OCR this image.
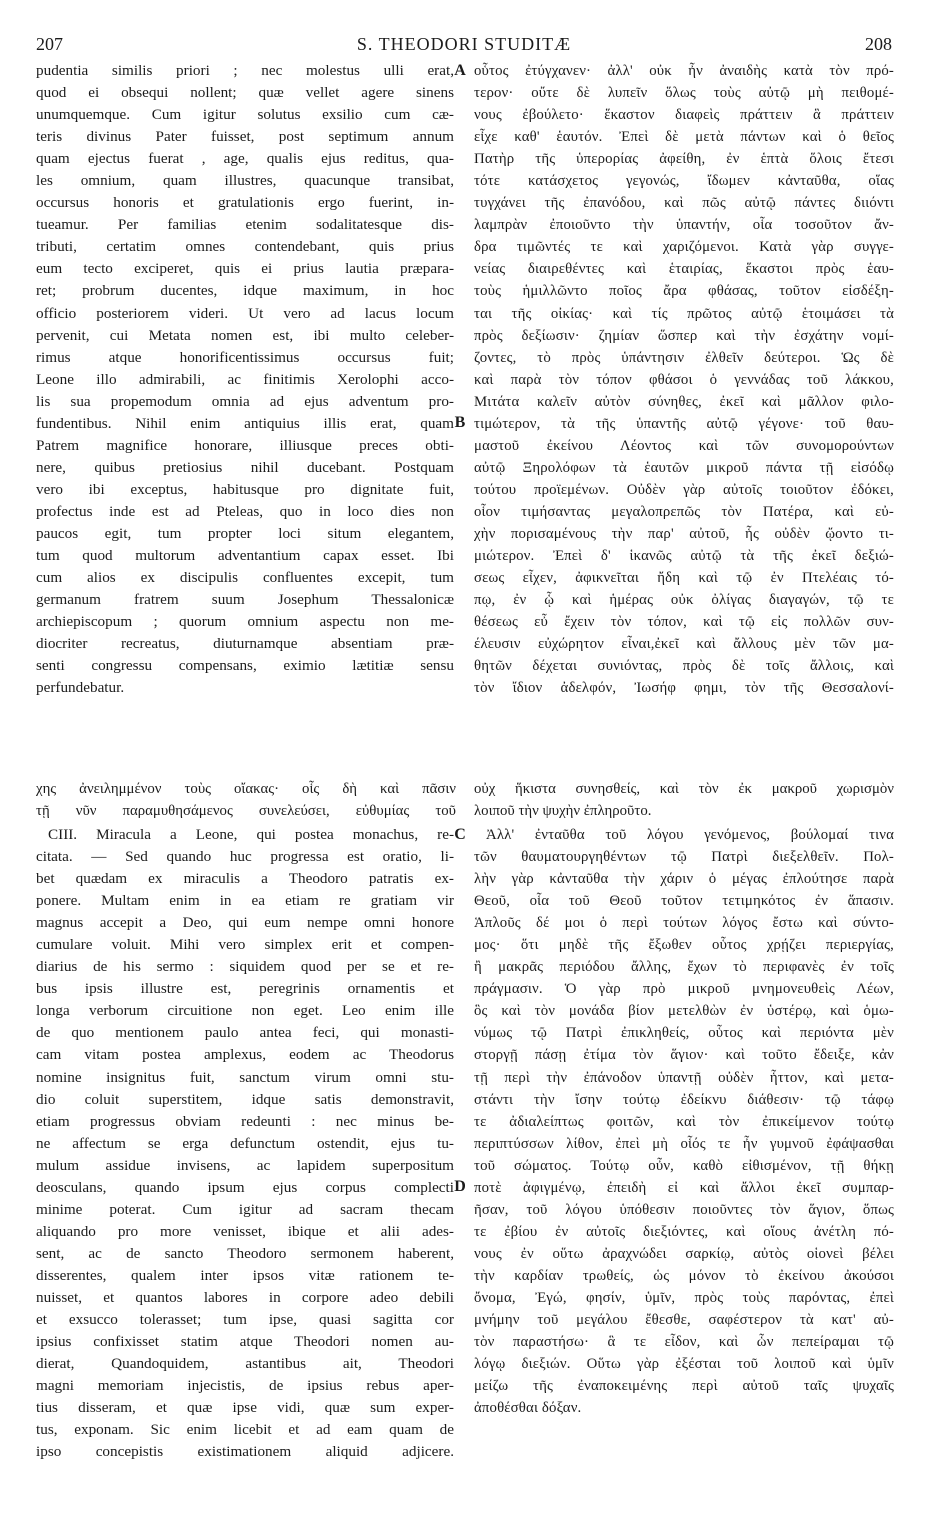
207	S. THEODORI STUDITÆ	208
A
B
C
D
pudentia similis priori ; nec molestus ulli erat,
quod ei obsequi nollent; quæ vellet agere sinens
unumquemque. Cum igitur solutus exsilio cum cæ-
teris divinus Pater fuisset, post septimum annum
quam ejectus fuerat , age, qualis ejus reditus, qua-
les omnium, quam illustres, quacunque transibat,
occursus honoris et gratulationis ergo fuerint, in-
tueamur. Per familias etenim sodalitatesque dis-
tributi, certatim omnes contendebant, quis prius
eum tecto exciperet, quis ei prius lautia præpara-
ret; probrum ducentes, idque maximum, in hoc
officio posteriorem videri. Ut vero ad lacus locum
pervenit, cui Metata nomen est, ibi multo celeber-
rimus atque honorificentissimus occursus fuit;
Leone illo admirabili, ac finitimis Xerolophi acco-
lis sua propemodum omnia ad ejus adventum pro-
fundentibus. Nihil enim antiquius illis erat, quam
Patrem magnifice honorare, illiusque preces obti-
nere, quibus pretiosius nihil ducebant. Postquam
vero ibi exceptus, habitusque pro dignitate fuit,
profectus inde est ad Pteleas, quo in loco dies non
paucos egit, tum propter loci situm elegantem,
tum quod multorum adventantium capax esset. Ibi
cum alios ex discipulis confluentes excepit, tum
germanum fratrem suum Josephum Thessalonicæ
archiepiscopum ; quorum omnium aspectu non me-
diocriter recreatus, diuturnamque absentiam præ-
senti congressu compensans, eximio lætitiæ sensu
perfundebatur.
οὗτος ἐτύγχανεν· ἀλλ' οὐκ ἦν ἀναιδὴς κατὰ τὸν πρό-
τερον· οὔτε δὲ λυπεῖν ὅλως τοὺς αὐτῷ μὴ πειθομέ-
νους ἐβούλετο· ἕκαστον διαφεὶς πράττειν ἃ πράττειν
εἶχε καθ' ἑαυτόν. Ἐπεὶ δὲ μετὰ πάντων καὶ ὁ θεῖος
Πατὴρ τῆς ὑπερορίας ἀφείθη, ἐν ἑπτὰ ὅλοις ἔτεσι
τότε κατάσχετος γεγονώς, ἴδωμεν κἀνταῦθα, οἵας
τυγχάνει τῆς ἐπανόδου, καὶ πῶς αὐτῷ πάντες διιόντι
λαμπρὰν ἐποιοῦντο τὴν ὑπαντήν, οἷα τοσοῦτον ἄν-
δρα τιμῶντές τε καὶ χαριζόμενοι. Κατὰ γὰρ συγγε-
νείας διαιρεθέντες καὶ ἑταιρίας, ἕκαστοι πρὸς ἑαυ-
τοὺς ἡμιλλῶντο ποῖος ἄρα φθάσας, τοῦτον εἰσδέξη-
ται τῆς οἰκίας· καὶ τίς πρῶτος αὐτῷ ἑτοιμάσει τὰ
πρὸς δεξίωσιν· ζημίαν ὥσπερ καὶ τὴν ἐσχάτην νομί-
ζοντες, τὸ πρὸς ὑπάντησιν ἐλθεῖν δεύτεροι. Ὡς δὲ
καὶ παρὰ τὸν τόπον φθάσοι ὁ γεννάδας τοῦ λάκκου,
Μιτάτα καλεῖν αὐτὸν σύνηθες, ἐκεῖ καὶ μᾶλλον φιλο-
τιμώτερον, τὰ τῆς ὑπαντῆς αὐτῷ γέγονε· τοῦ θαυ-
μαστοῦ ἐκείνου Λέοντος καὶ τῶν συνομορούντων
αὐτῷ Ξηρολόφων τὰ ἑαυτῶν μικροῦ πάντα τῇ εἰσόδῳ
τούτου προϊεμένων. Οὐδὲν γὰρ αὐτοῖς τοιοῦτον ἐδόκει,
οἷον τιμήσαντας μεγαλοπρεπῶς τὸν Πατέρα, καὶ εὐ-
χὴν πορισαμένους τὴν παρ' αὐτοῦ, ἧς οὐδὲν ᾤοντο τι-
μιώτερον. Ἐπεὶ δ' ἱκανῶς αὐτῷ τὰ τῆς ἐκεῖ δεξιώ-
σεως εἶχεν, ἀφικνεῖται ἤδη καὶ τῷ ἐν Πτελέαις τό-
πῳ, ἐν ᾧ καὶ ἡμέρας οὐκ ὀλίγας διαγαγών, τῷ τε
θέσεως εὖ ἔχειν τὸν τόπον, καὶ τῷ εἰς πολλῶν συν-
έλευσιν εὐχώρητον εἶναι,ἐκεῖ καὶ ἄλλους μὲν τῶν μα-
θητῶν δέχεται συνιόντας, πρὸς δὲ τοῖς ἄλλοις, καὶ
τὸν ἴδιον ἀδελφόν, Ἰωσήφ φημι, τὸν τῆς Θεσσαλονί-
χης ἀνειλημμένον τοὺς οἴακας· οἷς δὴ καὶ πᾶσιν οὐχ ἥκιστα συνησθείς, καὶ τὸν ἐκ μακροῦ χωρισμὸν
τῇ νῦν παραμυθησάμενος συνελεύσει, εὐθυμίας τοῦ λοιποῦ τὴν ψυχὴν ἐπληροῦτο.
CIII. Miracula a Leone, qui postea monachus, re-
citata. — Sed quando huc progressa est oratio, li-
bet quædam ex miraculis a Theodoro patratis ex-
ponere. Multam enim in ea etiam re gratiam vir
magnus accepit a Deo, qui eum nempe omni honore
cumulare voluit. Mihi vero simplex erit et compen-
diarius de his sermo : siquidem quod per se et re-
bus ipsis illustre est, peregrinis ornamentis et
longa verborum circuitione non eget. Leo enim ille
de quo mentionem paulo antea feci, qui monasti-
cam vitam postea amplexus, eodem ac Theodorus
nomine insignitus fuit, sanctum virum omni stu-
dio coluit superstitem, idque satis demonstravit,
etiam progressus obviam redeunti : nec minus be-
ne affectum se erga defunctum ostendit, ejus tu-
mulum assidue invisens, ac lapidem superpositum
deosculans, quando ipsum ejus corpus complecti
minime poterat. Cum igitur ad sacram thecam
aliquando pro more venisset, ibique et alii ades-
sent, ac de sancto Theodoro sermonem haberent,
disserentes, qualem inter ipsos vitæ rationem te-
nuisset, et quantos labores in corpore adeo debili
et exsucco tolerasset; tum ipse, quasi sagitta cor
ipsius confixisset statim atque Theodori nomen au-
dierat, Quandoquidem, astantibus ait, Theodori
magni memoriam injecistis, de ipsius rebus aper-
tius disseram, et quæ ipse vidi, quæ sum exper-
tus, exponam. Sic enim licebit et ad eam quam de
ipso concepistis existimationem aliquid adjicere.
Ἀλλ' ἐνταῦθα τοῦ λόγου γενόμενος, βούλομαί τινα
τῶν θαυματουργηθέντων τῷ Πατρὶ διεξελθεῖν. Πολ-
λὴν γὰρ κἀνταῦθα τὴν χάριν ὁ μέγας ἐπλούτησε παρὰ
Θεοῦ, οἷα τοῦ Θεοῦ τοῦτον τετιμηκότος ἐν ἅπασιν.
Ἁπλοῦς δέ μοι ὁ περὶ τούτων λόγος ἔστω καὶ σύντο-
μος· ὅτι μηδὲ τῆς ἔξωθεν οὗτος χρῄζει περιεργίας,
ἢ μακρᾶς περιόδου ἄλλης, ἔχων τὸ περιφανὲς ἐν τοῖς
πράγμασιν. Ὁ γὰρ πρὸ μικροῦ μνημονευθεὶς Λέων,
ὃς καὶ τὸν μονάδα βίον μετελθὼν ἐν ὑστέρῳ, καὶ ὁμω-
νύμως τῷ Πατρὶ ἐπικληθείς, οὗτος καὶ περιόντα μὲν
στοργῇ πάσῃ ἐτίμα τὸν ἅγιον· καὶ τοῦτο ἔδειξε, κἀν
τῇ περὶ τὴν ἐπάνοδον ὑπαντῇ οὐδὲν ἧττον, καὶ μετα-
στάντι τὴν ἴσην τούτῳ ἐδείκνυ διάθεσιν· τῷ τάφῳ
τε ἀδιαλείπτως φοιτῶν, καὶ τὸν ἐπικείμενον τούτῳ
περιπτύσσων λίθον, ἐπεὶ μὴ οἷός τε ἦν γυμνοῦ ἐφάψασθαι
τοῦ σώματος. Τούτῳ οὖν, καθὸ εἰθισμένον, τῇ θήκῃ
ποτὲ ἀφιγμένῳ, ἐπειδὴ εἰ καὶ ἄλλοι ἐκεῖ συμπαρ-
ῆσαν, τοῦ λόγου ὑπόθεσιν ποιοῦντες τὸν ἅγιον, ὅπως
τε ἐβίου ἐν αὐτοῖς διεξιόντες, καὶ οἵους ἀνέτλη πό-
νους ἐν οὕτω ἀραχνώδει σαρκίῳ, αὐτὸς οἱονεὶ βέλει
τὴν καρδίαν τρωθείς, ὡς μόνον τὸ ἐκείνου ἀκούσοι
ὄνομα, Ἐγώ, φησίν, ὑμῖν, πρὸς τοὺς παρόντας, ἐπεὶ
μνήμην τοῦ μεγάλου ἔθεσθε, σαφέστερον τὰ κατ' αὐ-
τὸν παραστήσω· ἃ τε εἶδον, καὶ ὧν πεπείραμαι τῷ
λόγῳ διεξιών. Οὕτω γὰρ ἐξέσται τοῦ λοιποῦ καὶ ὑμῖν
μείζω τῆς ἐναποκειμένης περὶ αὐτοῦ ταῖς ψυχαῖς
ἀποθέσθαι δόξαν.
